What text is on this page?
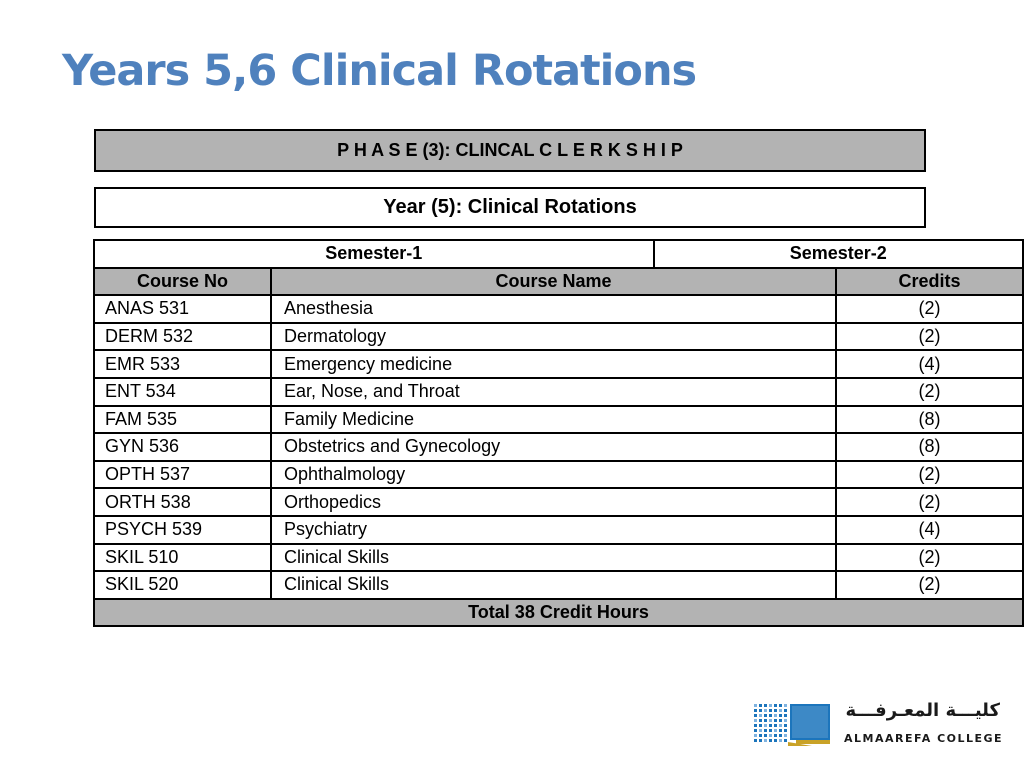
Years 5,6 Clinical Rotations
P H A S E (3): CLINCAL C L E R K S H I P
Year (5): Clinical Rotations
Semester-1		Semester-2	
Course No	Course Name		Credits
ANAS 531	Anesthesia		(2)
DERM 532	Dermatology		(2)
EMR 533	Emergency medicine		(4)
ENT 534	Ear, Nose, and Throat		(2)
FAM 535	Family Medicine		(8)
GYN 536	Obstetrics and Gynecology		(8)
OPTH 537	Ophthalmology		(2)
ORTH 538	Orthopedics		(2)
PSYCH 539	Psychiatry		(4)
SKIL 510	Clinical Skills		(2)
SKIL 520	Clinical Skills		(2)
Total 38 Credit Hours			
كليـــة المعـرفـــة
ALMAAREFA COLLEGE
